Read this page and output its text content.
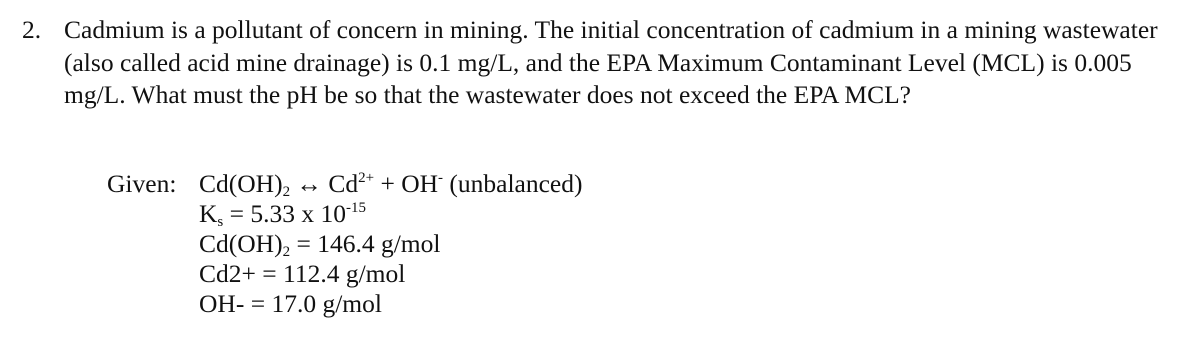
2. Cadmium is a pollutant of concern in mining. The initial concentration of cadmium in a mining wastewater (also called acid mine drainage) is 0.1 mg/L, and the EPA Maximum Contaminant Level (MCL) is 0.005 mg/L. What must the pH be so that the wastewater does not exceed the EPA MCL?
Given: $Cd(OH)_2$ ↔ $Cd^{2+} + OH^-$ (unbalanced)
$K_s = 5.33$ x $10^{-15}$
$Cd(OH)_2 = 146.4$ g/mol
Cd2+ = 112.4 g/mol
OH- = 17.0 g/mol
